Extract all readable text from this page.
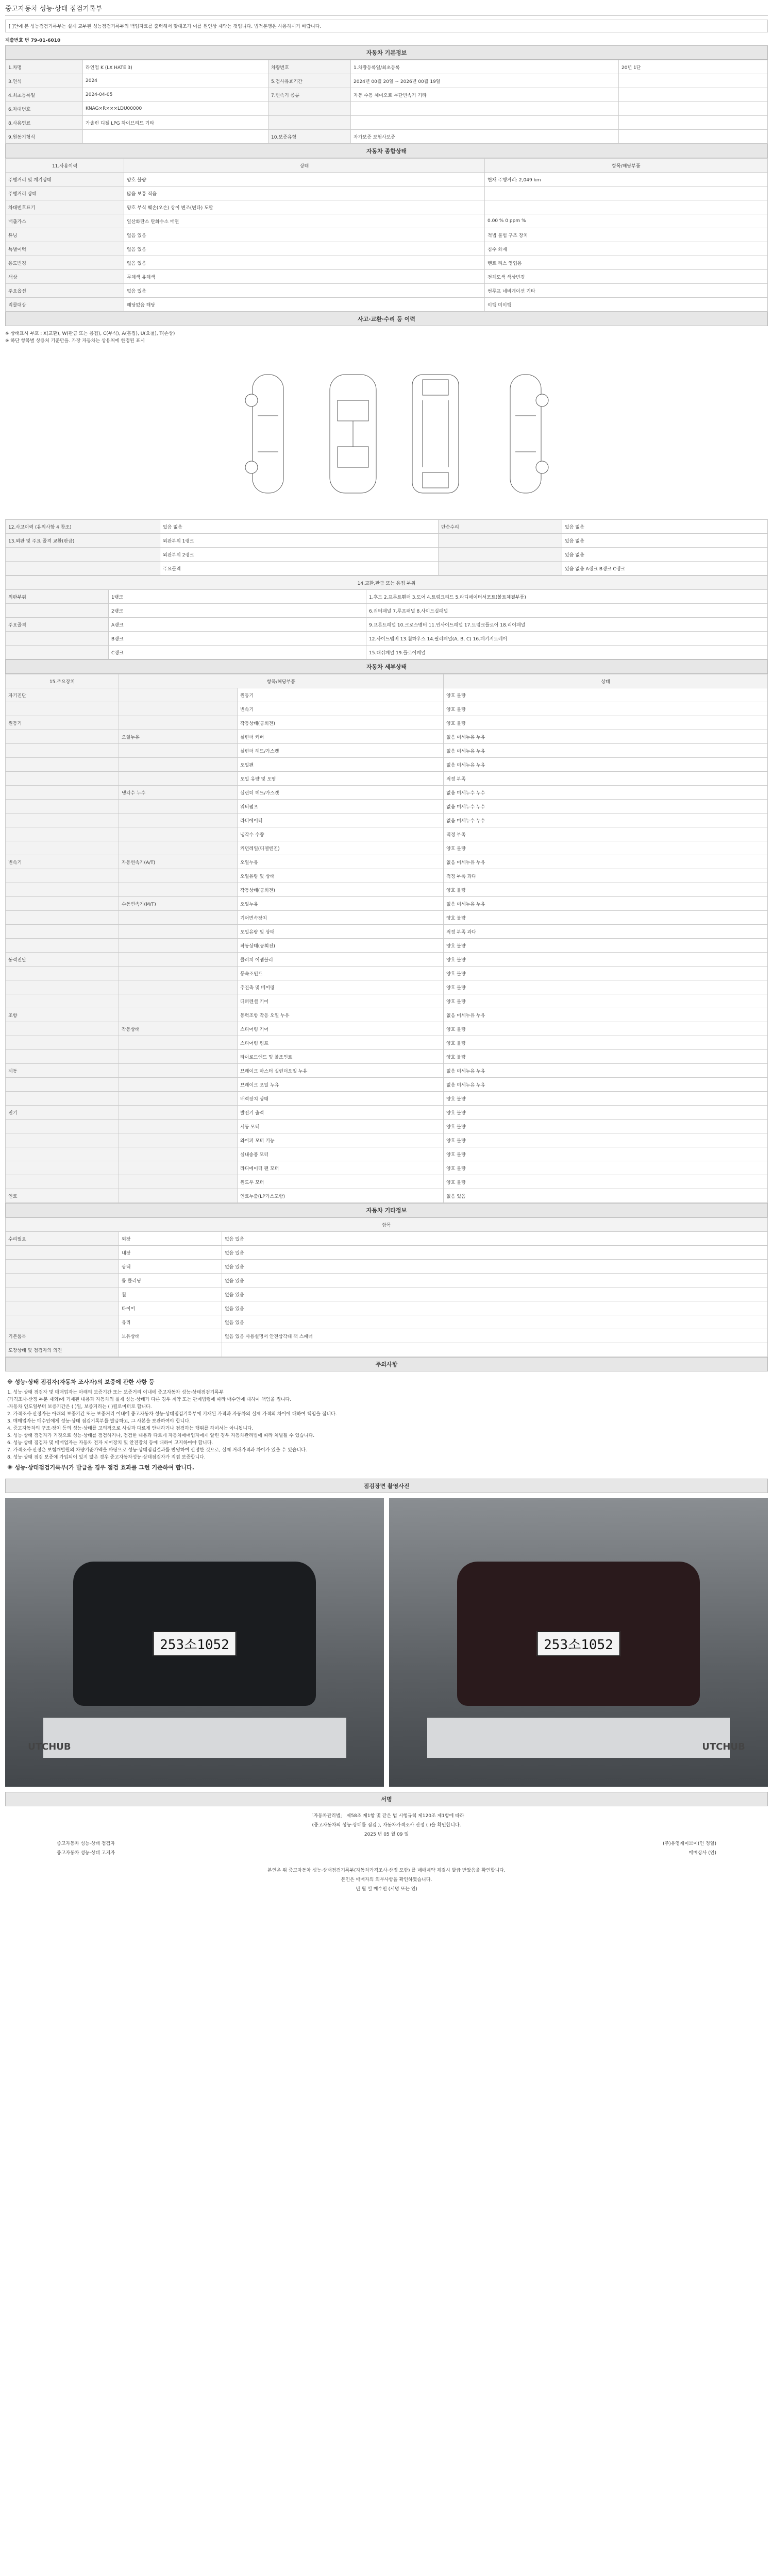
중고자동차 성능·상태 점검기록부
[ ]안에 본 성능점검기록부는 실제 교부된 성능점검기록부의 백업자료를 출력해서 맞대조가 이를 원인상 제약는 것입니다. 법적분쟁은 사용하시기 바랍니다.
제출번호 번 79-01-6010
자동차 기본정보
1.차명	라인업 K (LX HATE 3)	차량번호	1.차량등록일/최초등록	20년 1단
3.연식	2024	5.검사유효기간	2024년 00월 20일 ~ 2026년 00월 19일	
4.최초등록일	2024-04-05	7.변속기 종류	자동 수동 세미오토 무단변속기 기타	
6.차대번호	KNAG×R×××LDU00000			
8.사용연료	가솔린 디젤 LPG 하이브리드 기타			
9.원동기형식		10.보증유형	자가보증 보험사보증	
자동차 종합상태
11.사용이력	상태	항목/해당부품
주행거리 및 계기상태	양호 불량	현재 주행거리: 2,049 km
주행거리 상태	많음 보통 적음	
차대번호표기	양호 부식 훼손(오손) 상이 변조(변타) 도말	
배출가스	일산화탄소 탄화수소 매연	0.00 % 0 ppm %
튜닝	없음 있음	적법 불법 구조 장치
특별이력	없음 있음	침수 화재
용도변경	없음 있음	렌트 리스 영업용
색상	무채색 유채색	전체도색 색상변경
주요옵션	없음 있음	썬루프 네비게이션 기타
리콜대상	해당없음 해당	이행 미이행
사고·교환·수리 등 이력
※ 상태표시 부호 : X(교환), W(판금 또는 용접), C(부식), A(흠집), U(요철), T(손상)
※ 하단 항목별 상용처 기준만을. 가장 자동차는 상용처에 한정된 표시
12.사고이력 (유의사항 4 참조)	있음 없음	단순수리	있음 없음
13.외판 및 주요 골격 교환(판금)	외판부위 1랭크		있음 없음
	외판부위 2랭크		있음 없음
	주요골격		있음 없음 A랭크 B랭크 C랭크
14.교환,판금 또는 용접 부위		
외판부위	1랭크	1.후드 2.프론트휀더 3.도어 4.트렁크리드 5.라디에이터서포트(볼트체결부품)
	2랭크	6.쿼터패널 7.루프패널 8.사이드실패널
주요골격	A랭크	9.프론트패널 10.크로스멤버 11.인사이드패널 17.트렁크플로어 18.리어패널
	B랭크	12.사이드멤버 13.휠하우스 14.필러패널(A, B, C) 16.패키지트레이
	C랭크	15.대쉬패널 19.플로어패널
자동차 세부상태
15.주요장치	항목/해당부품		상태
자기진단		원동기	양호 불량
		변속기	양호 불량
원동기		작동상태(공회전)	양호 불량
	오일누유	실린더 커버	없음 미세누유 누유
		실린더 헤드/가스켓	없음 미세누유 누유
		오일팬	없음 미세누유 누유
		오일 유량 및 오염	적정 부족
	냉각수 누수	실린더 헤드/가스켓	없음 미세누수 누수
		워터펌프	없음 미세누수 누수
		라디에이터	없음 미세누수 누수
		냉각수 수량	적정 부족
		커먼레일(디젤엔진)	양호 불량
변속기	자동변속기(A/T)	오일누유	없음 미세누유 누유
		오일유량 및 상태	적정 부족 과다
		작동상태(공회전)	양호 불량
	수동변속기(M/T)	오일누유	없음 미세누유 누유
		기어변속장치	양호 불량
		오일유량 및 상태	적정 부족 과다
		작동상태(공회전)	양호 불량
동력전달		클러치 어셈블리	양호 불량
		등속조인트	양호 불량
		추진축 및 베어링	양호 불량
		디퍼렌셜 기어	양호 불량
조향		동력조향 작동 오일 누유	없음 미세누유 누유
	작동상태	스티어링 기어	양호 불량
		스티어링 펌프	양호 불량
		타이로드엔드 및 볼조인트	양호 불량
제동		브레이크 마스터 실린더오일 누유	없음 미세누유 누유
		브레이크 오일 누유	없음 미세누유 누유
		배력장치 상태	양호 불량
전기		발전기 출력	양호 불량
		시동 모터	양호 불량
		와이퍼 모터 기능	양호 불량
		실내송풍 모터	양호 불량
		라디에이터 팬 모터	양호 불량
		윈도우 모터	양호 불량
연료		연료누출(LP가스포함)	없음 있음
자동차 기타정보
항목		
수리필요	외장	없음 있음
	내장	없음 있음
	광택	없음 있음
	룸 클리닝	없음 있음
	휠	없음 있음
	타이어	없음 있음
	유리	없음 있음
기본품목	보유상태	없음 있음 사용설명서 안전삼각대 잭 스패너
도장상태 및 점검자의 의견		
주의사항
※ 성능·상태 점검자(자동차 조사자)의 보증에 관한 사항 등
1. 성능·상태 점검자 및 매매업자는 아래의 보증기간 또는 보증거리 이내에 중고자동차 성능·상태점검기록부
(가격조사·산정 부분 제외)에 기재된 내용과 자동차의 실제 성능·상태가 다른 경우 계약 또는 관계법령에 따라 매수인에 대하여 책임을 집니다.
-자동차 인도일부터 보증기간은 ( )일, 보증거리는 ( )킬로미터로 합니다.
2. 가격조사·산정자는 아래의 보증기간 또는 보증거리 이내에 중고자동차 성능·상태점검기록부에 기재된 가격과 자동차의 실제 가격의 차이에 대하여 책임을 집니다.
3. 매매업자는 매수인에게 성능·상태 점검기록부를 발급하고, 그 사본을 보관하여야 합니다.
4. 중고자동차의 구조·장치 등의 성능·상태를 고의적으로 사실과 다르게 안내하거나 점검하는 행위를 하여서는 아니됩니다.
5. 성능·상태 점검자가 거짓으로 성능·상태를 점검하거나, 점검한 내용과 다르게 자동차매매업자에게 알린 경우 자동차관리법에 따라 처벌될 수 있습니다.
6. 성능·상태 점검자 및 매매업자는 자동차 전자 제어장치 및 안전장치 등에 대하여 고지하여야 합니다.
7. 가격조사·산정은 보험개발원의 차량기준가액을 바탕으로 성능·상태점검결과를 반영하여 산정한 것으로, 실제 거래가격과 차이가 있을 수 있습니다.
8. 성능·상태 점검 보증에 가입되어 있지 않은 경우 중고자동차성능·상태점검자가 직접 보증합니다.
※ 성능·상태점검기록부(가 발급을 경우 점검 효과를 그런 기준하여 합니다.
점검장면 촬영사진
253소1052
UTCHUB
253소1052
UTCHUB
서명
「자동차관리법」 제58조 제1항 및 같은 법 시행규칙 제120조 제1항에 따라
(중고자동차의 성능·상태를 점검 ), 자동차가격조사 산정 ( )을 확인합니다.
2025 년 05 월 09 일
중고자동차 성능·상태 점검자	(주)유영제이브이(인 정일)
중고자동차 성능·상태 고지자	매매상사 (인)
본인은 위 중고자동차 성능·상태점검기록부(자동차가격조사·산정 포함) 를 매매계약 체결시 발급 받았음을 확인합니다.
본인은 매매자의 의무사항을 확인하였습니다.
년 월 일 매수인 (서명 또는 인)
